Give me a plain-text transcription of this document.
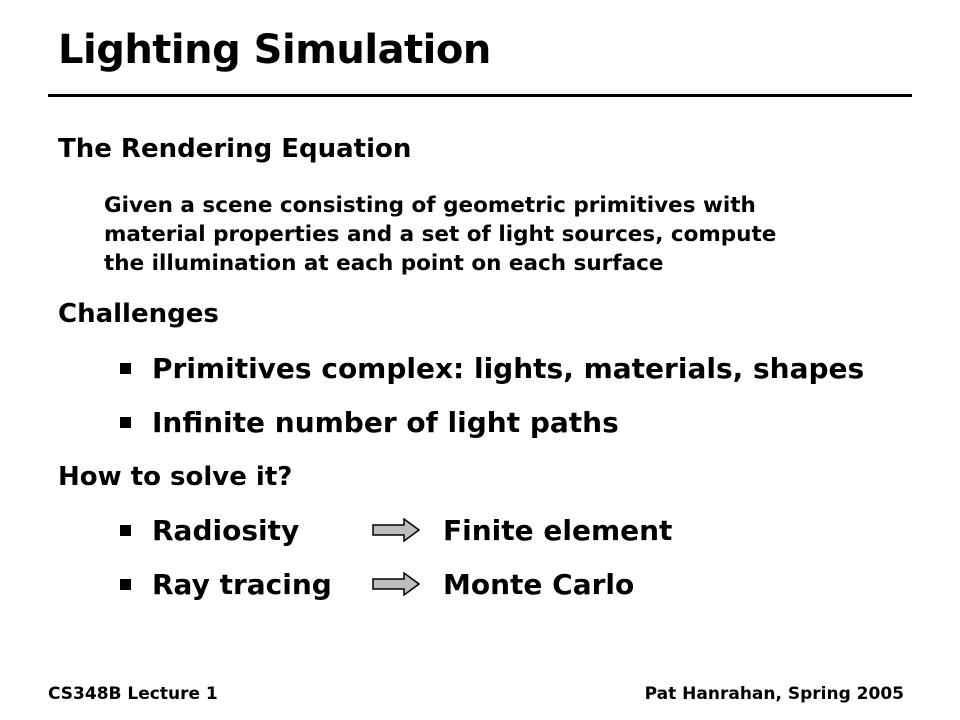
Lighting Simulation
The Rendering Equation

Given a scene consisting of geometric primitives with
material properties and a set of light sources, compute
the illumination at each point on each surface

Challenges
Primitives complex: lights, materials, shapes
Infinite number of light paths
How to solve it?
Radiosity	Finite element
Ray tracing	Monte Carlo
CS348B Lecture 1	Pat Hanrahan, Spring 2005
